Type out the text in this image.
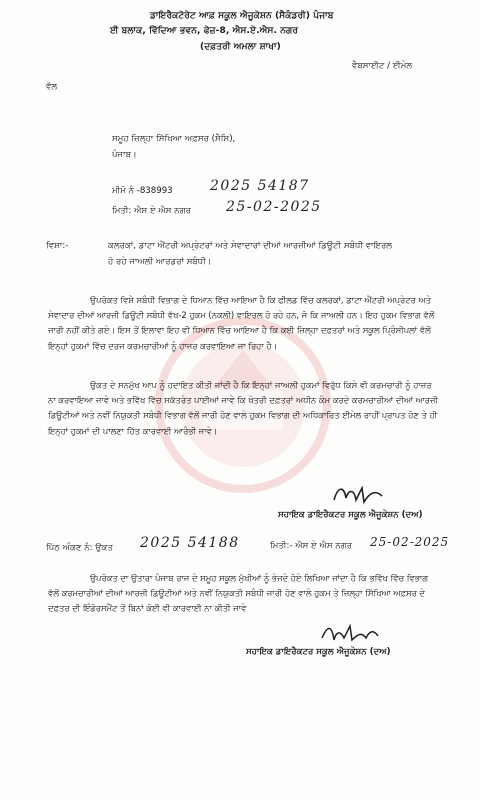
ਡਾਇਰੈਕਟੋਰੇਟ ਆਫ਼ ਸਕੂਲ ਐਜੂਕੇਸ਼ਨ (ਸੈਕੰਡਰੀ) ਪੰਜਾਬ
ਈ ਬਲਾਕ, ਵਿੱਦਿਆ ਭਵਨ, ਫੇਜ਼-8, ਐਸ.ਏ.ਐਸ. ਨਗਰ
(ਦਫ਼ਤਰੀ ਅਮਲਾ ਸ਼ਾਖਾ)
ਵੈਬਸਾਈਟ / ਈਮੇਲ
ਵੱਲ
ਸਮੂਹ ਜ਼ਿਲ੍ਹਾ ਸਿੱਖਿਆ ਅਫ਼ਸਰ (ਸੈਸਿ),
ਪੰਜਾਬ।
ਮੀਮੋ ਨੰ -838993	2025 54187
ਮਿਤੀ: ਐਸ ਏ ਐਸ ਨਗਰ	25-02-2025
ਵਿਸ਼ਾ:-	ਕਲਰਕਾਂ, ਡਾਟਾ ਐਂਟਰੀ ਅਪ੍ਰੇਟਰਾਂ ਅਤੇ ਸੇਵਾਦਾਰਾਂ ਦੀਆਂ ਆਰਜ਼ੀਆਂ ਡਿਊਟੀ ਸਬੰਧੀ ਵਾਇਰਲ
ਹੋ ਰਹੇ ਜਾਅਲੀ ਆਰਡਰਾਂ ਸਬੰਧੀ।
ਉਪਰੋਕਤ ਵਿਸ਼ੇ ਸਬੰਧੀ ਵਿਭਾਗ ਦੇ ਧਿਆਨ ਵਿੱਚ ਆਇਆ ਹੈ ਕਿ ਫੀਲਡ ਵਿੱਚ ਕਲਰਕਾਂ, ਡਾਟਾ ਐਂਟਰੀ ਅਪ੍ਰੇਟਰ ਅਤੇ ਸੇਵਾਦਾਰ ਦੀਆਂ ਆਰਜ਼ੀ ਡਿਊਟੀ ਸਬੰਧੀ ਵੱਖ-2 ਹੁਕਮ (ਨਕਲੀ) ਵਾਇਰਲ ਹੋ ਰਹੇ ਹਨ, ਜੋ ਕਿ ਜਾਅਲੀ ਹਨ। ਇਹ ਹੁਕਮ ਵਿਭਾਗ ਵੱਲੋਂ ਜਾਰੀ ਨਹੀਂ ਕੀਤੇ ਗਏ। ਇਸ ਤੋਂ ਇਲਾਵਾ ਇਹ ਵੀ ਧਿਆਨ ਵਿੱਚ ਆਇਆ ਹੈ ਕਿ ਕਈ ਜ਼ਿਲ੍ਹਾ ਦਫ਼ਤਰਾਂ ਅਤੇ ਸਕੂਲ ਪ੍ਰਿੰਸੀਪਲਾਂ ਵੱਲੋਂ ਇਨ੍ਹਾਂ ਹੁਕਮਾਂ ਵਿੱਚ ਦਰਜ ਕਰਮਚਾਰੀਆਂ ਨੂੰ ਹਾਜ਼ਰ ਕਰਵਾਇਆ ਜਾ ਰਿਹਾ ਹੈ।
ਉਕਤ ਦੇ ਸਨਮੁੱਖ ਆਪ ਨੂੰ ਹਦਾਇਤ ਕੀਤੀ ਜਾਂਦੀ ਹੈ ਕਿ ਇਨ੍ਹਾਂ ਜਾਅਲੀ ਹੁਕਮਾਂ ਵਿਰੁੱਧ ਕਿਸੇ ਵੀ ਕਰਮਚਾਰੀ ਨੂੰ ਹਾਜ਼ਰ ਨਾ ਕਰਵਾਇਆ ਜਾਵੇ ਅਤੇ ਭਵਿੱਖ ਵਿੱਚ ਸਕੱਤਰੇਤ ਪਾਈਆਂ ਜਾਵੇ ਕਿ ਖੇਤਰੀ ਦਫ਼ਤਰਾਂ ਅਧੀਨ ਕੰਮ ਕਰਦੇ ਕਰਮਚਾਰੀਆਂ ਦੀਆਂ ਆਰਜ਼ੀ ਡਿਊਟੀਆਂ ਅਤੇ ਨਵੀਂ ਨਿਯੁਕਤੀ ਸਬੰਧੀ ਵਿਭਾਗ ਵੱਲੋਂ ਜਾਰੀ ਹੋਣ ਵਾਲੇ ਹੁਕਮ ਵਿਭਾਗ ਦੀ ਅਧਿਕਾਰਿਤ ਈਮੇਲ ਰਾਹੀਂ ਪ੍ਰਾਪਤ ਹੋਣ ਤੇ ਹੀ ਇਨ੍ਹਾਂ ਹੁਕਮਾਂ ਦੀ ਪਾਲਣਾ ਹਿੱਤ ਕਾਰਵਾਈ ਆਰੰਭੀ ਜਾਵੇ।
ਸਹਾਇਕ ਡਾਇਰੈਕਟਰ ਸਕੂਲ ਐਜੂਕੇਸ਼ਨ (ਦਅ)
ਪਿੱਠ ਅੰਕਣ ਨੰ: ਉਕਤ 2025 54188	ਮਿਤੀ:- ਐਸ ਏ ਐਸ ਨਗਰ 25-02-2025
ਉਪਰੋਕਤ ਦਾ ਉਤਾਰਾ ਪੰਜਾਬ ਰਾਜ ਦੇ ਸਮੂਹ ਸਕੂਲ ਮੁੱਖੀਆਂ ਨੂੰ ਭੇਜਦੇ ਹੋਏ ਲਿਖਿਆ ਜਾਂਦਾ ਹੈ ਕਿ ਭਵਿੱਖ ਵਿੱਚ ਵਿਭਾਗ ਵੱਲੋਂ ਕਰਮਚਾਰੀਆਂ ਦੀਆਂ ਆਰਜ਼ੀ ਡਿਊਟੀਆਂ ਅਤੇ ਨਵੀਂ ਨਿਯੁਕਤੀ ਸਬੰਧੀ ਜਾਰੀ ਹੋਣ ਵਾਲੇ ਹੁਕਮ ਤੇ ਜ਼ਿਲ੍ਹਾ ਸਿੱਖਿਆ ਅਫ਼ਸਰ ਦੇ ਦਫ਼ਤਰ ਦੀ ਇੰਡੋਰਸਮੈਂਟ ਤੋਂ ਬਿਨਾਂ ਕੋਈ ਵੀ ਕਾਰਵਾਈ ਨਾ ਕੀਤੀ ਜਾਵੇ
ਸਹਾਇਕ ਡਾਇਰੈਕਟਰ ਸਕੂਲ ਐਜੂਕੇਸ਼ਨ (ਦਅ)
